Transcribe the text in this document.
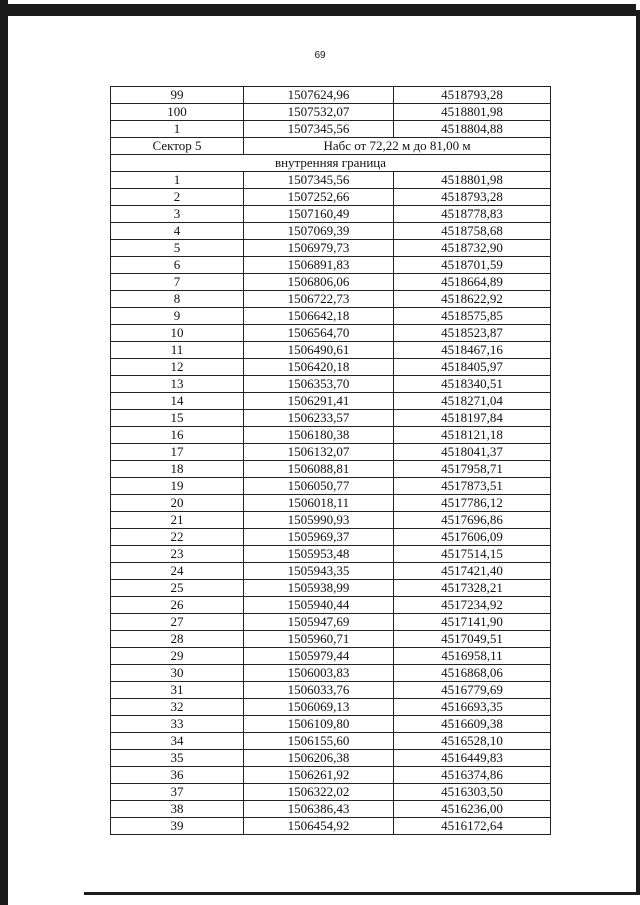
69
99	1507624,96	4518793,28
100	1507532,07	4518801,98
1	1507345,56	4518804,88
Сектор 5	Набс от 72,22 м до 81,00 м	
внутренняя граница		
1	1507345,56	4518801,98
2	1507252,66	4518793,28
3	1507160,49	4518778,83
4	1507069,39	4518758,68
5	1506979,73	4518732,90
6	1506891,83	4518701,59
7	1506806,06	4518664,89
8	1506722,73	4518622,92
9	1506642,18	4518575,85
10	1506564,70	4518523,87
11	1506490,61	4518467,16
12	1506420,18	4518405,97
13	1506353,70	4518340,51
14	1506291,41	4518271,04
15	1506233,57	4518197,84
16	1506180,38	4518121,18
17	1506132,07	4518041,37
18	1506088,81	4517958,71
19	1506050,77	4517873,51
20	1506018,11	4517786,12
21	1505990,93	4517696,86
22	1505969,37	4517606,09
23	1505953,48	4517514,15
24	1505943,35	4517421,40
25	1505938,99	4517328,21
26	1505940,44	4517234,92
27	1505947,69	4517141,90
28	1505960,71	4517049,51
29	1505979,44	4516958,11
30	1506003,83	4516868,06
31	1506033,76	4516779,69
32	1506069,13	4516693,35
33	1506109,80	4516609,38
34	1506155,60	4516528,10
35	1506206,38	4516449,83
36	1506261,92	4516374,86
37	1506322,02	4516303,50
38	1506386,43	4516236,00
39	1506454,92	4516172,64
